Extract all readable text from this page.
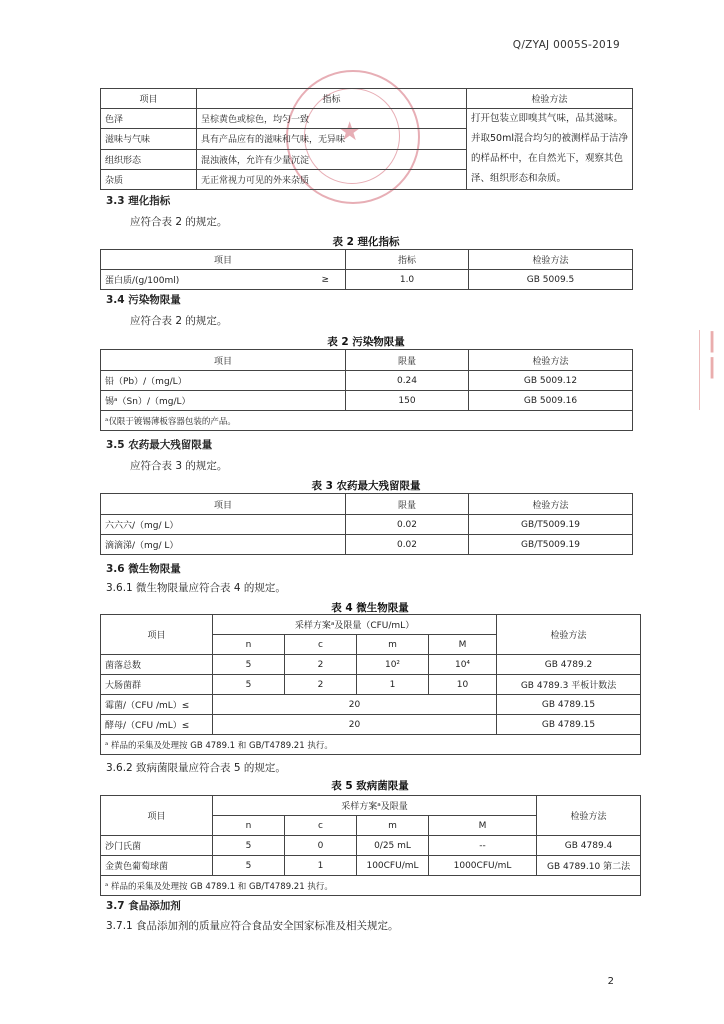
Q/ZYAJ 0005S-2019
★
┃
┃
项目	指标	检验方法
色泽	呈棕黄色或棕色，均匀一致	打开包装立即嗅其气味，品其滋味。并取50ml混合均匀的被测样品于洁净的样品杯中，在自然光下，观察其色泽、组织形态和杂质。
滋味与气味	具有产品应有的滋味和气味，无异味	
组织形态	混浊液体，允许有少量沉淀	
杂质	无正常视力可见的外来杂质	
3.3 理化指标
应符合表 2 的规定。
表 2 理化指标
项目		指标	检验方法
蛋白质/(g/100ml)	≥	1.0	GB 5009.5
3.4 污染物限量
应符合表 2 的规定。
表 2 污染物限量
项目	限量	检验方法
铅（Pb）/（mg/L）	0.24	GB 5009.12
锡ᵃ（Sn）/（mg/L）	150	GB 5009.16
ᵃ仅限于镀锡薄板容器包装的产品。		
3.5 农药最大残留限量
应符合表 3 的规定。
表 3 农药最大残留限量
项目	限量	检验方法
六六六/（mg/ L）	0.02	GB/T5009.19
滴滴涕/（mg/ L）	0.02	GB/T5009.19
3.6 微生物限量
3.6.1 微生物限量应符合表 4 的规定。
表 4 微生物限量
项目	采样方案ᵃ及限量（CFU/mL）				检验方法
	n	c	m	M	
菌落总数	5	2	10²	10⁴	GB 4789.2
大肠菌群	5	2	1	10	GB 4789.3 平板计数法
霉菌/（CFU /mL）≤	20				GB 4789.15
酵母/（CFU /mL）≤	20				GB 4789.15
ᵃ 样品的采集及处理按 GB 4789.1 和 GB/T4789.21 执行。					
3.6.2 致病菌限量应符合表 5 的规定。
表 5 致病菌限量
项目	采样方案ᵃ及限量				检验方法
	n	c	m	M	
沙门氏菌	5	0	0/25 mL	--	GB 4789.4
金黄色葡萄球菌	5	1	100CFU/mL	1000CFU/mL	GB 4789.10 第二法
ᵃ 样品的采集及处理按 GB 4789.1 和 GB/T4789.21 执行。					
3.7 食品添加剂
3.7.1 食品添加剂的质量应符合食品安全国家标准及相关规定。
2
